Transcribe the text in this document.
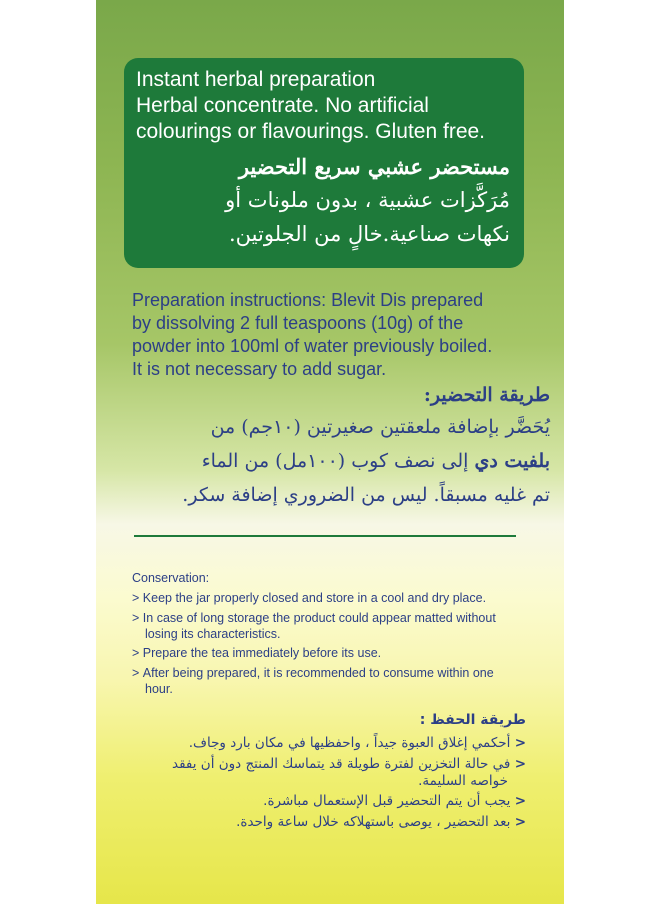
Instant herbal preparation
Herbal concentrate. No artificial
colourings or flavourings. Gluten free.
مستحضر عشبي سريع التحضير
مُرَكَّزات عشبية ، بدون ملونات أو
نكهات صناعية.خالٍ من الجلوتين.
Preparation instructions: Blevit Dis prepared
by dissolving 2 full teaspoons (10g) of the
powder into 100ml of water previously boiled.
It is not necessary to add sugar.
طريقة التحضير:
يُحَضَّر بإضافة ملعقتين صغيرتين (١٠جم) من
بلفيت دي إلى نصف كوب (١٠٠مل) من الماء
تم غليه مسبقاً. ليس من الضروري إضافة سكر.
Conservation:
> Keep the jar properly closed and store in a cool and dry place.
> In case of long storage the product could appear matted without
losing its characteristics.
> Prepare the tea immediately before its use.
> After being prepared, it is recommended to consume within one
hour.
طريقة الحفظ :
< أحكمي إغلاق العبوة جيداً ، واحفظيها في مكان بارد وجاف.
< في حالة التخزين لفترة طويلة قد يتماسك المنتج دون أن يفقد
خواصه السليمة.
< يجب أن يتم التحضير قبل الإستعمال مباشرة.
< بعد التحضير ، يوصى باستهلاكه خلال ساعة واحدة.
